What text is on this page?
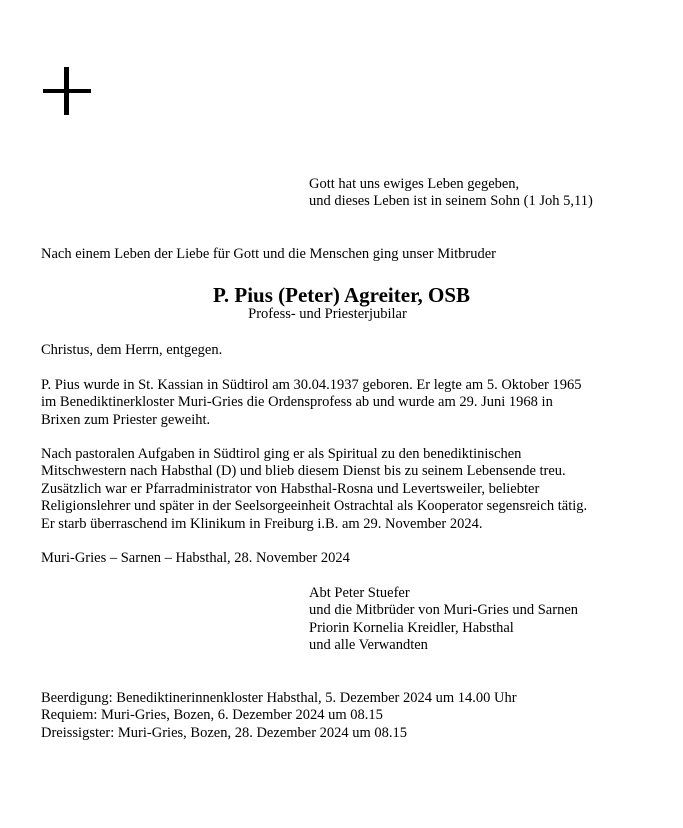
Gott hat uns ewiges Leben gegeben,
und dieses Leben ist in seinem Sohn (1 Joh 5,11)
Nach einem Leben der Liebe für Gott und die Menschen ging unser Mitbruder
P. Pius (Peter) Agreiter, OSB
Profess- und Priesterjubilar
Christus, dem Herrn, entgegen.
P. Pius wurde in St. Kassian in Südtirol am 30.04.1937 geboren. Er legte am 5. Oktober 1965
im Benediktinerkloster Muri-Gries die Ordensprofess ab und wurde am 29. Juni 1968 in
Brixen zum Priester geweiht.
Nach pastoralen Aufgaben in Südtirol ging er als Spiritual zu den benediktinischen
Mitschwestern nach Habsthal (D) und blieb diesem Dienst bis zu seinem Lebensende treu.
Zusätzlich war er Pfarradministrator von Habsthal-Rosna und Levertsweiler, beliebter
Religionslehrer und später in der Seelsorgeeinheit Ostrachtal als Kooperator segensreich tätig.
Er starb überraschend im Klinikum in Freiburg i.B. am 29. November 2024.
Muri-Gries – Sarnen – Habsthal, 28. November 2024
Abt Peter Stuefer
und die Mitbrüder von Muri-Gries und Sarnen
Priorin Kornelia Kreidler, Habsthal
und alle Verwandten
Beerdigung: Benediktinerinnenkloster Habsthal, 5. Dezember 2024 um 14.00 Uhr
Requiem: Muri-Gries, Bozen, 6. Dezember 2024 um 08.15
Dreissigster: Muri-Gries, Bozen, 28. Dezember 2024 um 08.15
